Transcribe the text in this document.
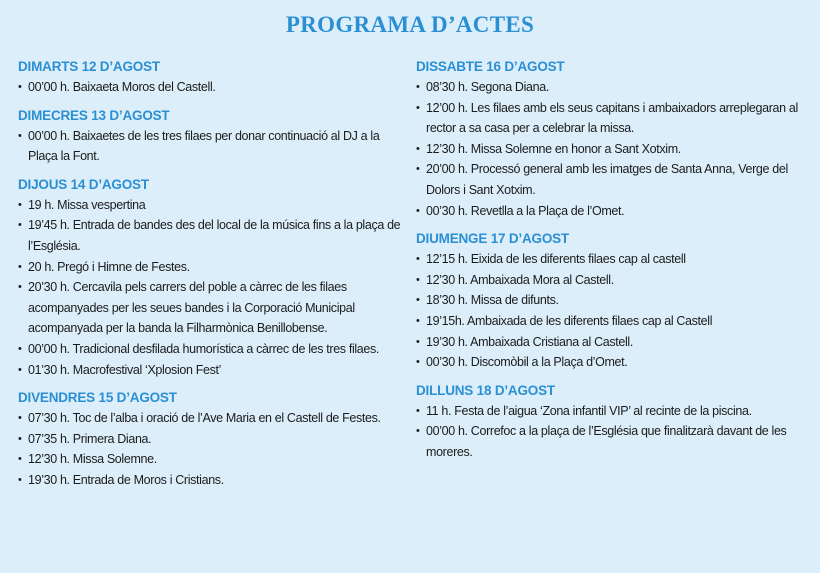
PROGRAMA D’ACTES
DIMARTS 12 D’AGOST
• 00’00 h. Baixaeta Moros del Castell.
DIMECRES 13 D’AGOST
• 00’00 h. Baixaetes de les tres filaes per donar continuació al DJ a la Plaça la Font.
DIJOUS 14 D’AGOST
• 19 h. Missa vespertina
• 19’45 h. Entrada de bandes des del local de la música fins a la plaça de l’Església.
• 20 h. Pregó i Himne de Festes.
• 20’30 h. Cercavila pels carrers del poble a càrrec de les filaes acompanyades per les seues bandes i la Corporació Municipal acompanyada per la banda la Filharmònica Benillobense.
• 00’00 h. Tradicional desfilada humorística a càrrec de les tres filaes.
• 01’30 h. Macrofestival ‘Xplosion Fest’
DIVENDRES 15 D’AGOST
• 07’30 h. Toc de l’alba i oració de l’Ave Maria en el Castell de Festes.
• 07’35 h. Primera Diana.
• 12’30 h. Missa Solemne.
• 19’30 h. Entrada de Moros i Cristians.
DISSABTE 16 D’AGOST
• 08’30 h. Segona Diana.
• 12’00 h. Les filaes amb els seus capitans i ambaixadors arreplegaran al rector a sa casa per a celebrar la missa.
• 12’30 h. Missa Solemne en honor a Sant Xotxim.
• 20’00 h. Processó general amb les imatges de Santa Anna, Verge del Dolors i Sant Xotxim.
• 00’30 h. Revetlla a la Plaça de l’Omet.
DIUMENGE 17 D’AGOST
• 12’15 h. Eixida de les diferents filaes cap al castell
• 12’30 h. Ambaixada Mora al Castell.
• 18’30 h. Missa de difunts.
• 19’15h. Ambaixada de les diferents filaes cap al Castell
• 19’30 h. Ambaixada Cristiana al Castell.
• 00’30 h. Discomòbil a la Plaça d’Omet.
DILLUNS 18 D’AGOST
• 11 h. Festa de l’aigua ‘Zona infantil VIP’ al recinte de la piscina.
• 00’00 h. Correfoc a la plaça de l’Església que finalitzarà davant de les moreres.
